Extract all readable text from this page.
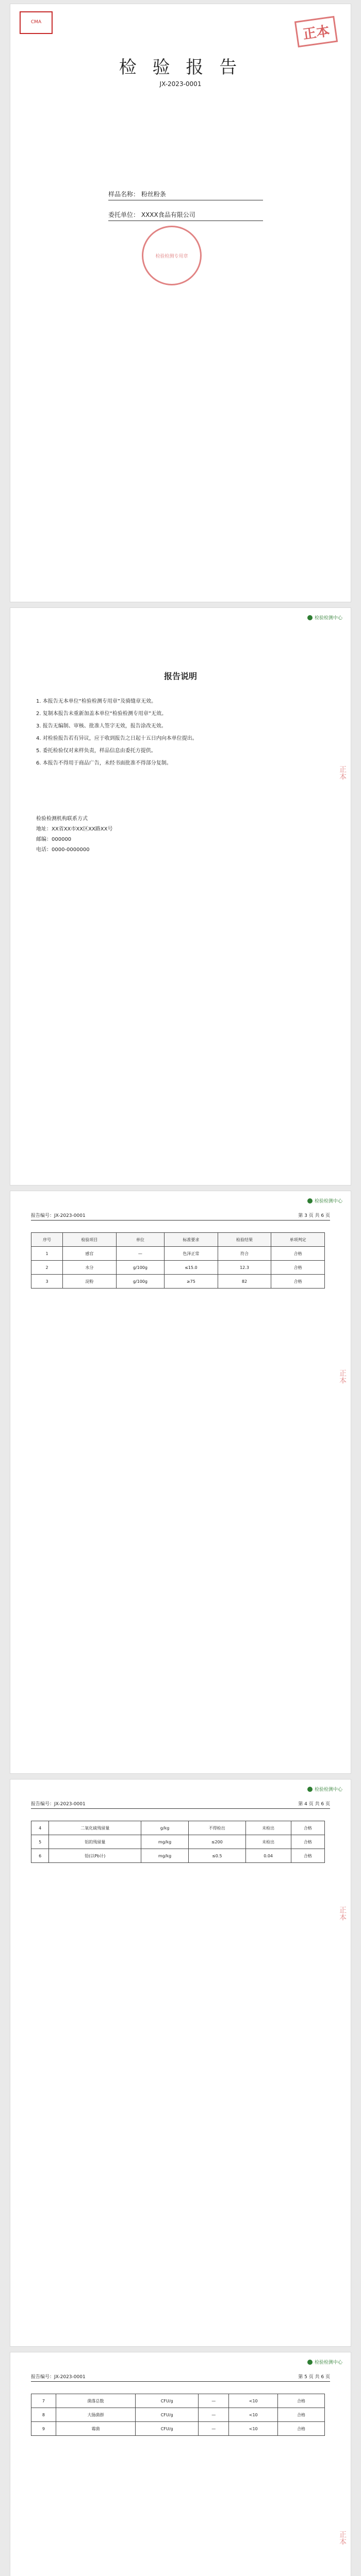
CMA
正本
检 验 报 告
JX-2023-0001
样品名称： 粉丝粉条
委托单位： XXXX食品有限公司
检验检测专用章
检验检测中心
正本
报告说明
1. 本报告无本单位“检验检测专用章”及骑缝章无效。
2. 复制本报告未重新加盖本单位“检验检测专用章”无效。
3. 报告无编制、审核、批准人签字无效，报告涂改无效。
4. 对检验报告若有异议，应于收到报告之日起十五日内向本单位提出。
5. 委托检验仅对来样负责，样品信息由委托方提供。
6. 本报告不得用于商品广告，未经书面批准不得部分复制。
检验检测机构联系方式
地址：XX省XX市XX区XX路XX号
邮编：000000
电话：0000-0000000
检验检测中心
报告编号：JX-2023-0001	第 3 页 共 6 页
正本
序号	检验项目	单位	标准要求	检验结果	单项判定
1	感官	—	色泽正常	符合	合格
2	水分	g/100g	≤15.0	12.3	合格
3	淀粉	g/100g	≥75	82	合格
检验检测中心
报告编号：JX-2023-0001	第 4 页 共 6 页
正本
4	二氧化硫残留量	g/kg	不得检出	未检出	合格
5	铝的残留量	mg/kg	≤200	未检出	合格
6	铅(以Pb计)	mg/kg	≤0.5	0.04	合格
检验检测中心
报告编号：JX-2023-0001	第 5 页 共 6 页
正本
7	菌落总数	CFU/g	—	<10	合格
8	大肠菌群	CFU/g	—	<10	合格
9	霉菌	CFU/g	—	<10	合格
